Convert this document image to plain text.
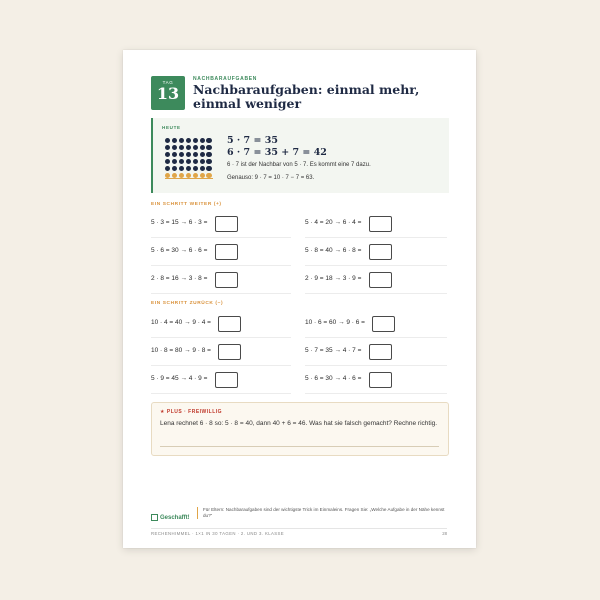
TAG
13
NACHBARAUFGABEN
Nachbaraufgaben: einmal mehr, einmal weniger
HEUTE
5 · 7 = 35
6 · 7 = 35 + 7 = 42
6 · 7 ist der Nachbar von 5 · 7. Es kommt eine 7 dazu.
Genauso: 9 · 7 = 10 · 7 − 7 = 63.
EIN SCHRITT WEITER (+)
5 · 3 = 15 → 6 · 3 =	5 · 4 = 20 → 6 · 4 =
5 · 6 = 30 → 6 · 6 =	5 · 8 = 40 → 6 · 8 =
2 · 8 = 16 → 3 · 8 =	2 · 9 = 18 → 3 · 9 =
EIN SCHRITT ZURÜCK (−)
10 · 4 = 40 → 9 · 4 =	10 · 6 = 60 → 9 · 6 =
10 · 8 = 80 → 9 · 8 =	5 · 7 = 35 → 4 · 7 =
5 · 9 = 45 → 4 · 9 =	5 · 6 = 30 → 4 · 6 =
★ PLUS · FREIWILLIG
Lena rechnet 6 · 8 so: 5 · 8 = 40, dann 40 + 6 = 46. Was hat sie falsch gemacht? Rechne richtig.
Geschafft!
Für Eltern: Nachbaraufgaben sind der wichtigste Trick im Einmaleins. Fragen Sie: „Welche Aufgabe in der Nähe kennst du?“
RECHENHIMMEL · 1×1 IN 30 TAGEN · 2. UND 3. KLASSE	28
